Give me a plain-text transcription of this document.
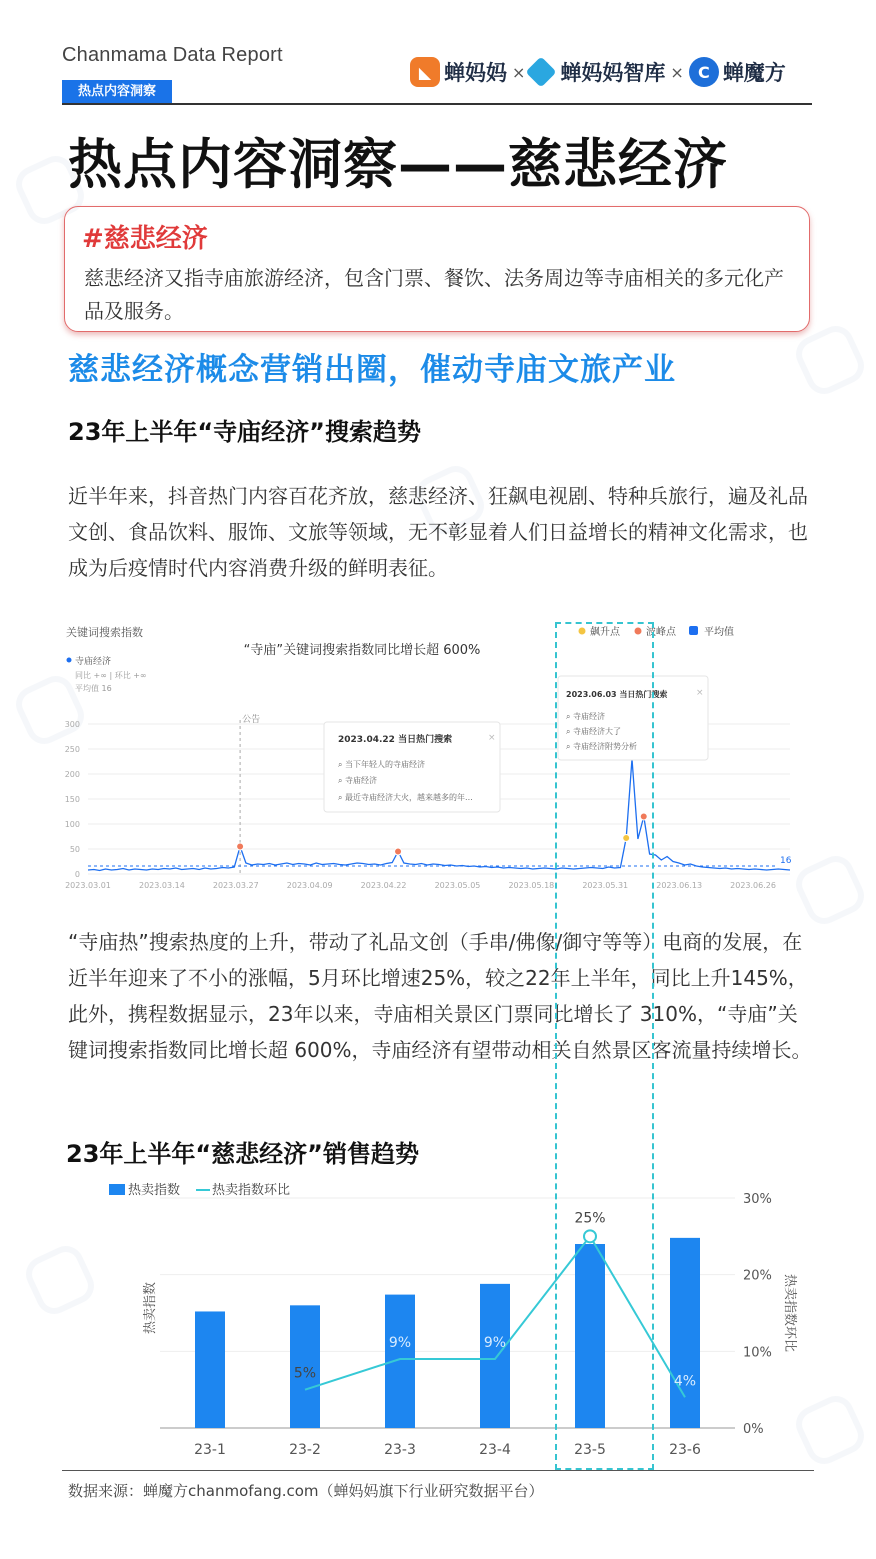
Chanmama Data Report
热点内容洞察
◣ 蝉妈妈 × 蝉妈妈智库 × C 蝉魔方
热点内容洞察——慈悲经济
#慈悲经济
慈悲经济又指寺庙旅游经济，包含门票、餐饮、法务周边等寺庙相关的多元化产品及服务。
慈悲经济概念营销出圈，催动寺庙文旅产业
23年上半年“寺庙经济”搜索趋势
近半年来，抖音热门内容百花齐放，慈悲经济、狂飙电视剧、特种兵旅行，遍及礼品文创、食品饮料、服饰、文旅等领域，无不彰显着人们日益增长的精神文化需求，也成为后疫情时代内容消费升级的鲜明表征。
关键词搜索指数
“寺庙”关键词搜索指数同比增长超 600%
寺庙经济
同比 +∞ | 环比 +∞
平均值 16
飙升点	波峰点	平均值
0
50
100
150
200
250
300
2023.03.01	2023.03.14	2023.03.27	2023.04.09	2023.04.22	2023.05.05	2023.05.18	2023.05.31	2023.06.13	2023.06.26
公告
16
2023.04.22 当日热门搜索	×
⌕ 当下年轻人的寺庙经济
⌕ 寺庙经济
⌕ 最近寺庙经济大火，越来越多的年...
2023.06.03 当日热门搜索	×
⌕ 寺庙经济
⌕ 寺庙经济大了
⌕ 寺庙经济附势分析
“寺庙热”搜索热度的上升，带动了礼品文创（手串/佛像/御守等等）电商的发展，在近半年迎来了不小的涨幅，5月环比增速25%，较之22年上半年，同比上升145%，此外，携程数据显示，23年以来，寺庙相关景区门票同比增长了 310%，“寺庙”关键词搜索指数同比增长超 600%，寺庙经济有望带动相关自然景区客流量持续增长。
23年上半年“慈悲经济”销售趋势
热卖指数 热卖指数环比
热卖指数	热卖指数环比
0%
10%
20%
30%
23-1	23-2	23-3	23-4	23-5	23-6
5%
9%	9%
25%
4%
数据来源：蝉魔方chanmofang.com（蝉妈妈旗下行业研究数据平台）
